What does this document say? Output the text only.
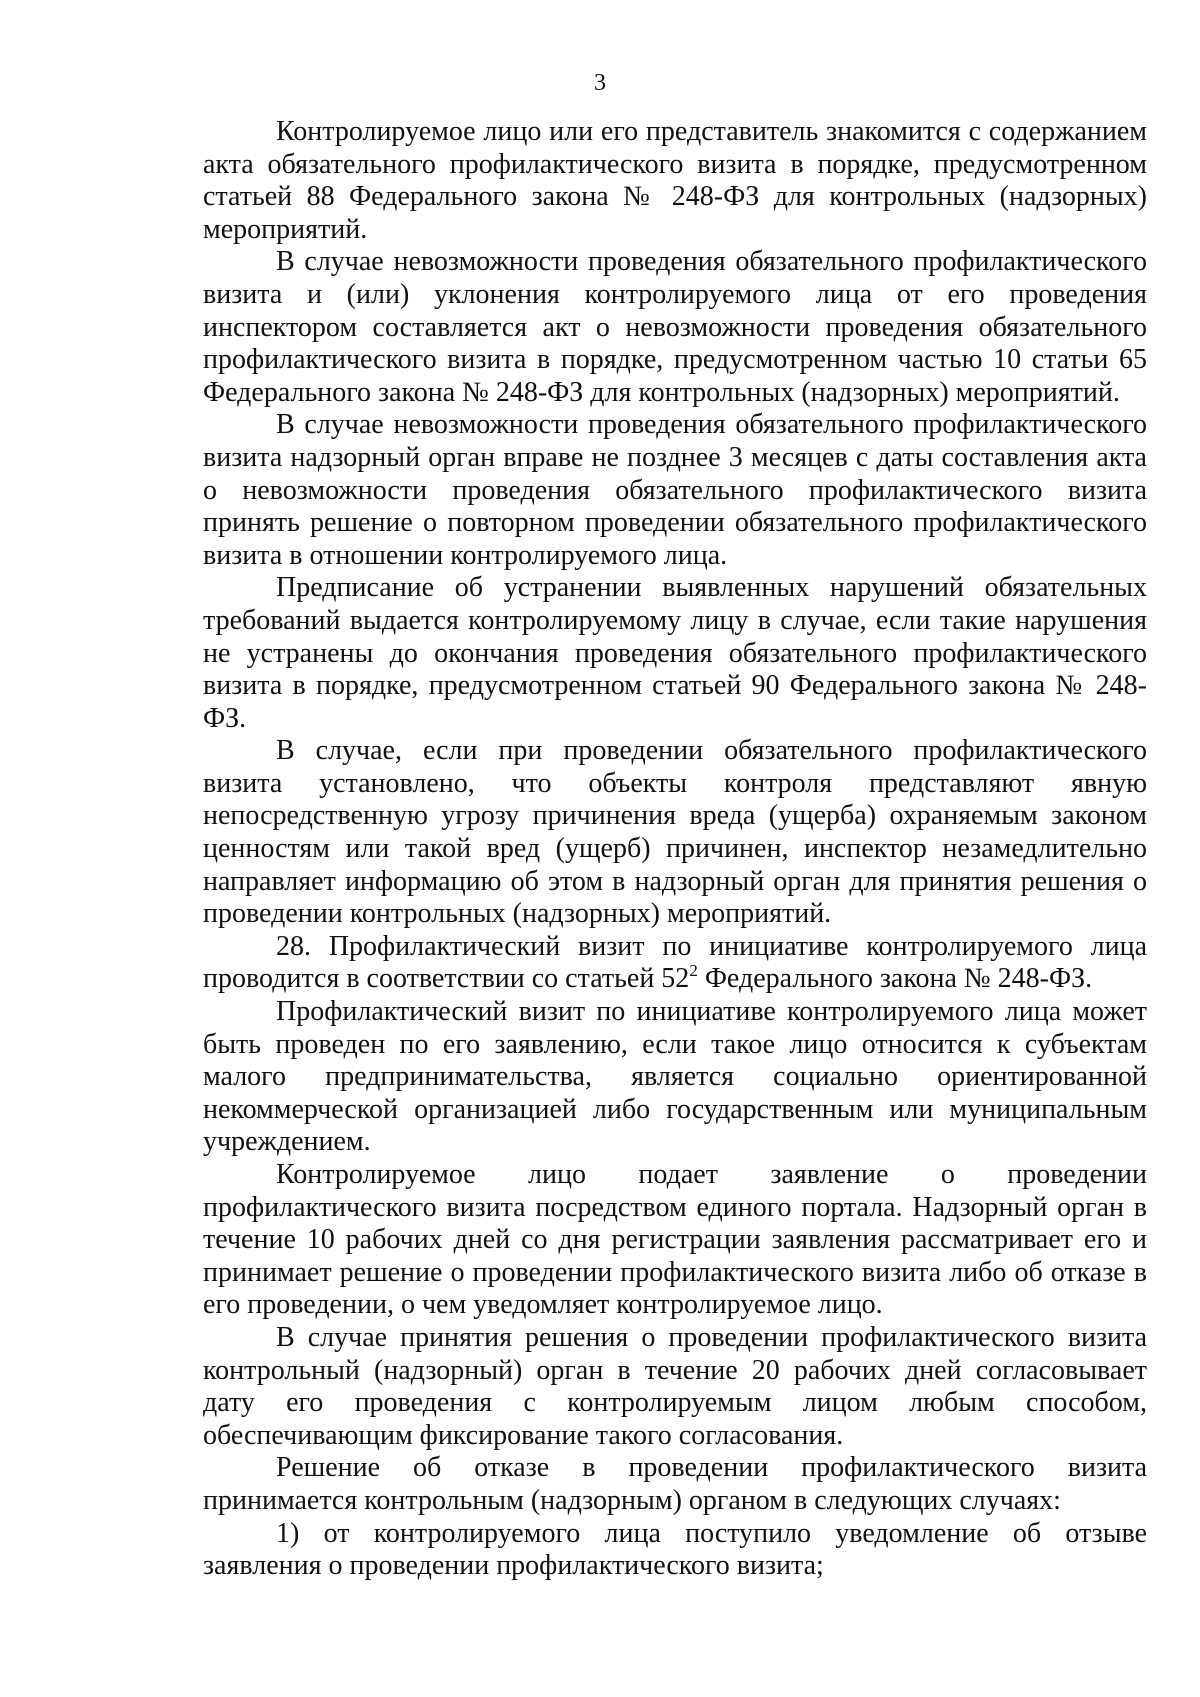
3

Контролируемое лицо или его представитель знакомится с содержанием акта обязательного профилактического визита в порядке, предусмотренном статьей 88 Федерального закона № 248-ФЗ для контрольных (надзорных) мероприятий.

В случае невозможности проведения обязательного профилактического визита и (или) уклонения контролируемого лица от его проведения инспектором составляется акт о невозможности проведения обязательного профилактического визита в порядке, предусмотренном частью 10 статьи 65 Федерального закона № 248-ФЗ для контрольных (надзорных) мероприятий.

В случае невозможности проведения обязательного профилактического визита надзорный орган вправе не позднее 3 месяцев с даты составления акта о невозможности проведения обязательного профилактического визита принять решение о повторном проведении обязательного профилактического визита в отношении контролируемого лица.

Предписание об устранении выявленных нарушений обязательных требований выдается контролируемому лицу в случае, если такие нарушения не устранены до окончания проведения обязательного профилактического визита в порядке, предусмотренном статьей 90 Федерального закона № 248-ФЗ.

В случае, если при проведении обязательного профилактического визита установлено, что объекты контроля представляют явную непосредственную угрозу причинения вреда (ущерба) охраняемым законом ценностям или такой вред (ущерб) причинен, инспектор незамедлительно направляет информацию об этом в надзорный орган для принятия решения о проведении контрольных (надзорных) мероприятий.

28. Профилактический визит по инициативе контролируемого лица проводится в соответствии со статьей $52^2$ Федерального закона № 248-ФЗ.

Профилактический визит по инициативе контролируемого лица может быть проведен по его заявлению, если такое лицо относится к субъектам малого предпринимательства, является социально ориентированной некоммерческой организацией либо государственным или муниципальным учреждением.

Контролируемое лицо подает заявление о проведении профилактического визита посредством единого портала. Надзорный орган в течение 10 рабочих дней со дня регистрации заявления рассматривает его и принимает решение о проведении профилактического визита либо об отказе в его проведении, о чем уведомляет контролируемое лицо.

В случае принятия решения о проведении профилактического визита контрольный (надзорный) орган в течение 20 рабочих дней согласовывает дату его проведения с контролируемым лицом любым способом, обеспечивающим фиксирование такого согласования.

Решение об отказе в проведении профилактического визита принимается контрольным (надзорным) органом в следующих случаях:

1) от контролируемого лица поступило уведомление об отзыве заявления о проведении профилактического визита;
